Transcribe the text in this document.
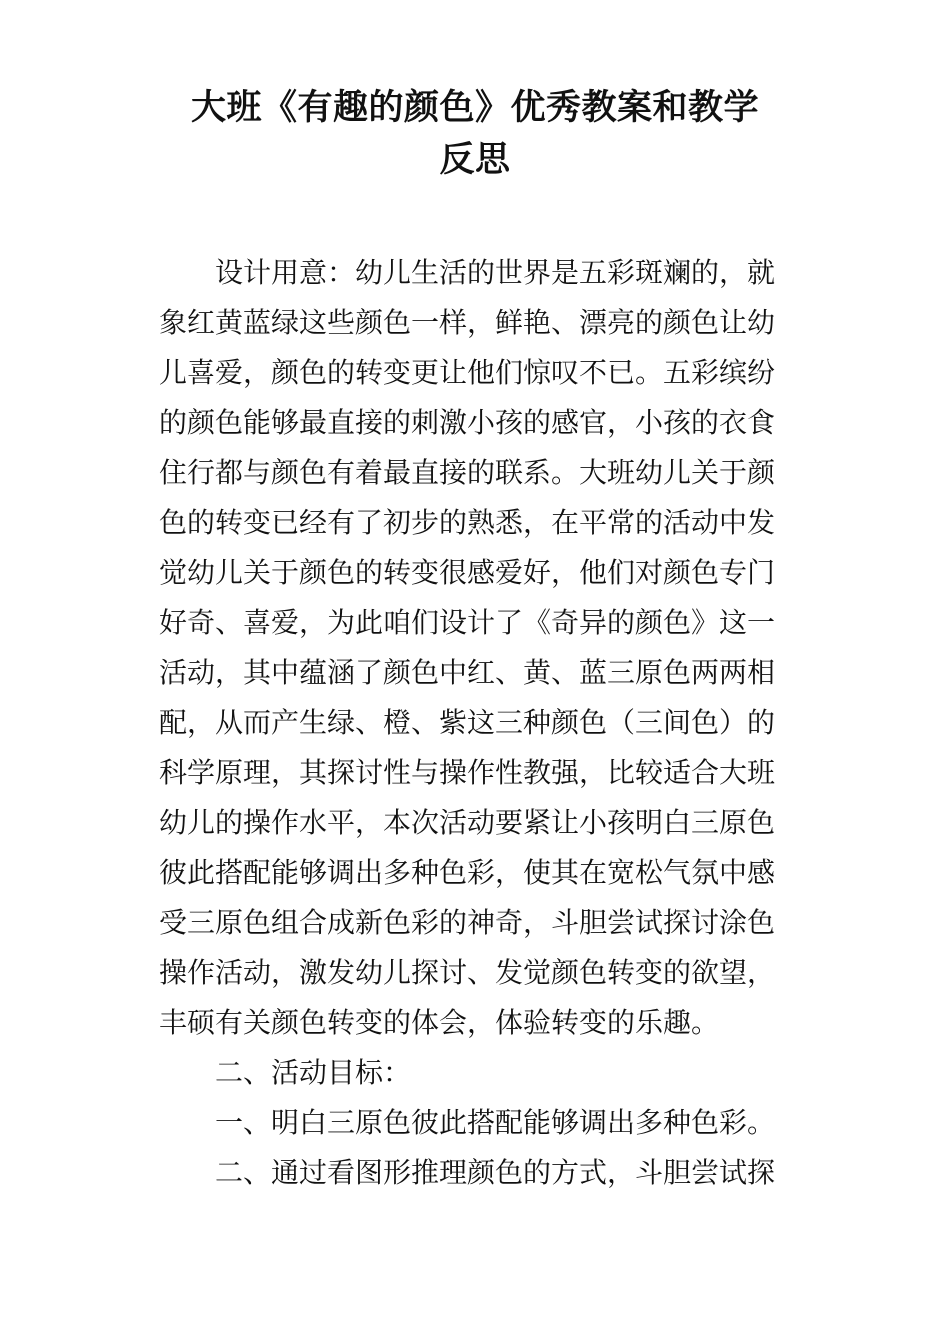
大班《有趣的颜色》优秀教案和教学
反思
设计用意：幼儿生活的世界是五彩斑斓的，就
象红黄蓝绿这些颜色一样，鲜艳、漂亮的颜色让幼
儿喜爱，颜色的转变更让他们惊叹不已。五彩缤纷
的颜色能够最直接的刺激小孩的感官，小孩的衣食
住行都与颜色有着最直接的联系。大班幼儿关于颜
色的转变已经有了初步的熟悉，在平常的活动中发
觉幼儿关于颜色的转变很感爱好，他们对颜色专门
好奇、喜爱，为此咱们设计了《奇异的颜色》这一
活动，其中蕴涵了颜色中红、黄、蓝三原色两两相
配，从而产生绿、橙、紫这三种颜色（三间色）的
科学原理，其探讨性与操作性教强，比较适合大班
幼儿的操作水平，本次活动要紧让小孩明白三原色
彼此搭配能够调出多种色彩，使其在宽松气氛中感
受三原色组合成新色彩的神奇，斗胆尝试探讨涂色
操作活动，激发幼儿探讨、发觉颜色转变的欲望，
丰硕有关颜色转变的体会，体验转变的乐趣。
二、活动目标：
一、明白三原色彼此搭配能够调出多种色彩。
二、通过看图形推理颜色的方式，斗胆尝试探
